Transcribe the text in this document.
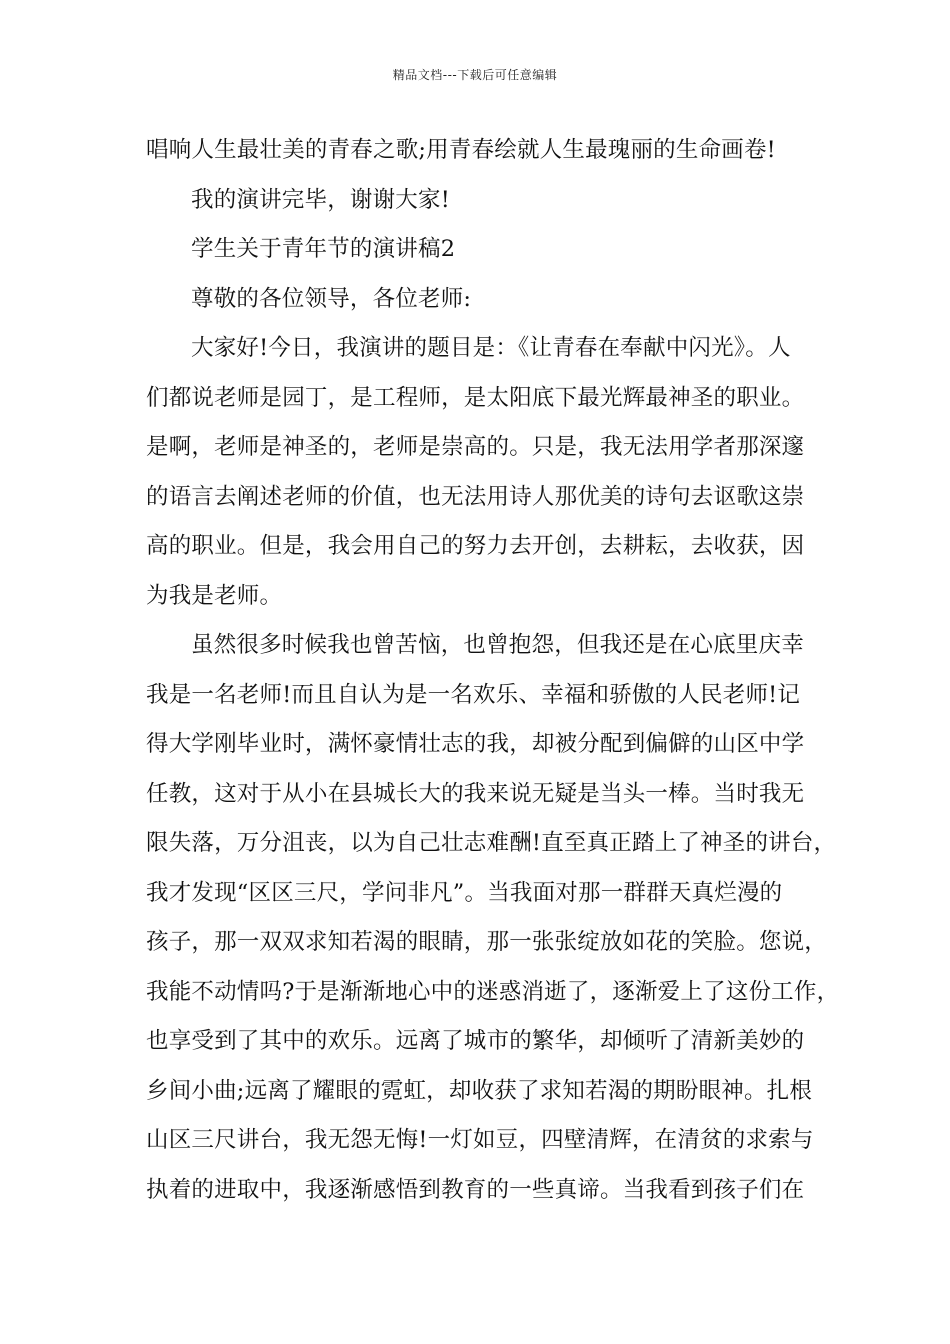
精品文档---下载后可任意编辑
唱响人生最壮美的青春之歌;用青春绘就人生最瑰丽的生命画卷!
我的演讲完毕，谢谢大家!
学生关于青年节的演讲稿2
尊敬的各位领导，各位老师:
大家好!今日，我演讲的题目是：《让青春在奉献中闪光》。人
们都说老师是园丁，是工程师，是太阳底下最光辉最神圣的职业。
是啊，老师是神圣的，老师是崇高的。只是，我无法用学者那深邃
的语言去阐述老师的价值，也无法用诗人那优美的诗句去讴歌这崇
高的职业。但是，我会用自己的努力去开创，去耕耘，去收获，因
为我是老师。
虽然很多时候我也曾苦恼，也曾抱怨，但我还是在心底里庆幸
我是一名老师!而且自认为是一名欢乐、幸福和骄傲的人民老师!记
得大学刚毕业时，满怀豪情壮志的我，却被分配到偏僻的山区中学
任教，这对于从小在县城长大的我来说无疑是当头一棒。当时我无
限失落，万分沮丧，以为自己壮志难酬!直至真正踏上了神圣的讲台，
我才发现“区区三尺，学问非凡”。当我面对那一群群天真烂漫的
孩子，那一双双求知若渴的眼睛，那一张张绽放如花的笑脸。您说，
我能不动情吗?于是渐渐地心中的迷惑消逝了，逐渐爱上了这份工作，
也享受到了其中的欢乐。远离了城市的繁华，却倾听了清新美妙的
乡间小曲;远离了耀眼的霓虹，却收获了求知若渴的期盼眼神。扎根
山区三尺讲台，我无怨无悔!一灯如豆，四壁清辉，在清贫的求索与
执着的进取中，我逐渐感悟到教育的一些真谛。当我看到孩子们在
